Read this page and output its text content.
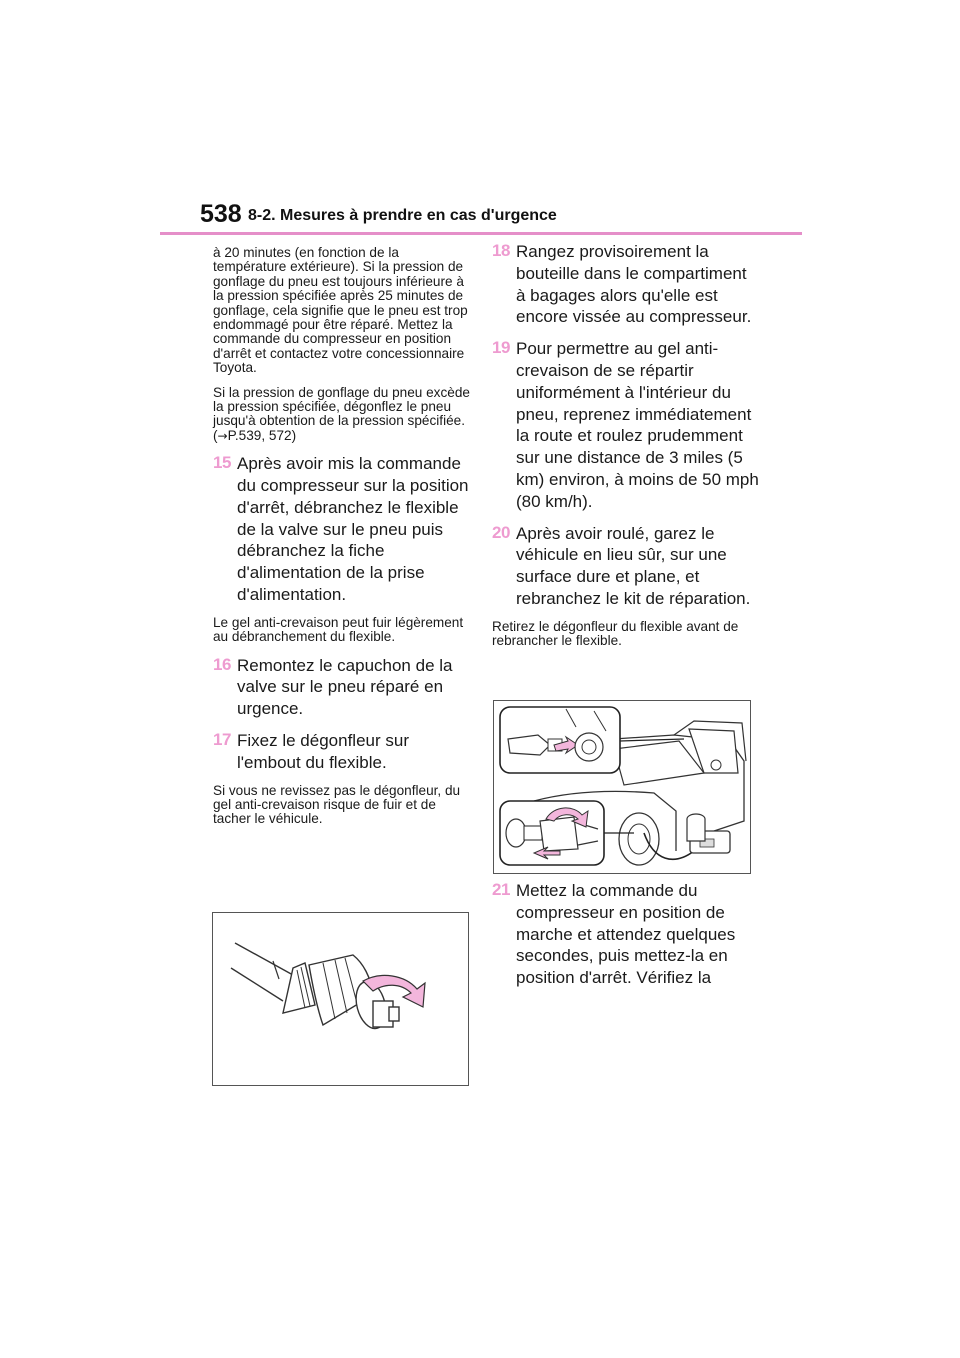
538 8-2. Mesures à prendre en cas d'urgence

à 20 minutes (en fonction de la température extérieure). Si la pression de gonflage du pneu est toujours inférieure à la pression spécifiée après 25 minutes de gonflage, cela signifie que le pneu est trop endommagé pour être réparé. Mettez la commande du compresseur en position d'arrêt et contactez votre concessionnaire Toyota.

Si la pression de gonflage du pneu excède la pression spécifiée, dégonflez le pneu jusqu'à obtention de la pression spécifiée. (→P.539, 572)

15 Après avoir mis la commande du compresseur sur la position d'arrêt, débranchez le flexible de la valve sur le pneu puis débranchez la fiche d'alimentation de la prise d'alimentation.

Le gel anti-crevaison peut fuir légèrement au débranchement du flexible.

16 Remontez le capuchon de la valve sur le pneu réparé en urgence.
17 Fixez le dégonfleur sur l'embout du flexible.

Si vous ne revissez pas le dégonfleur, du gel anti-crevaison risque de fuir et de tacher le véhicule.

18 Rangez provisoirement la bouteille dans le compartiment à bagages alors qu'elle est encore vissée au compresseur.
19 Pour permettre au gel anti-crevaison de se répartir uniformément à l'intérieur du pneu, reprenez immédiatement la route et roulez prudemment sur une distance de 3 miles (5 km) environ, à moins de 50 mph (80 km/h).
20 Après avoir roulé, garez le véhicule en lieu sûr, sur une surface dure et plane, et rebranchez le kit de réparation.

Retirez le dégonfleur du flexible avant de rebrancher le flexible.

21 Mettez la commande du compresseur en position de marche et attendez quelques secondes, puis mettez-la en position d'arrêt. Vérifiez la
